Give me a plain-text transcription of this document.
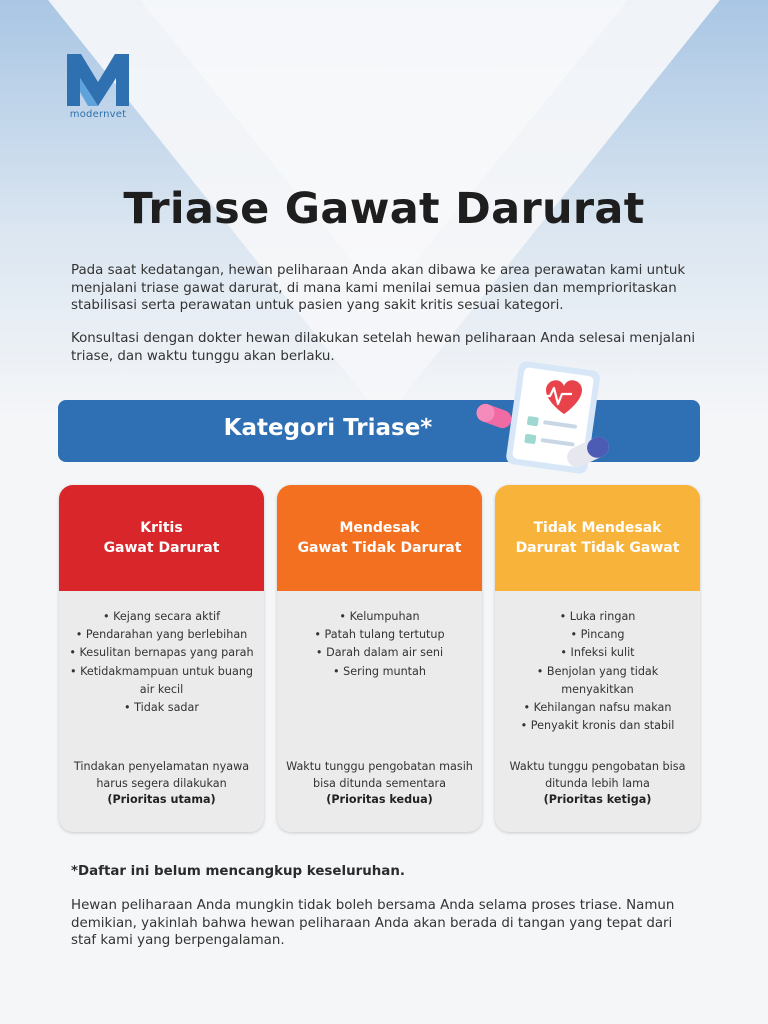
modernvet
Triase Gawat Darurat

Pada saat kedatangan, hewan peliharaan Anda akan dibawa ke area perawatan kami untuk menjalani triase gawat darurat, di mana kami menilai semua pasien dan memprioritaskan stabilisasi serta perawatan untuk pasien yang sakit kritis sesuai kategori.

Konsultasi dengan dokter hewan dilakukan setelah hewan peliharaan Anda selesai menjalani triase, dan waktu tunggu akan berlaku.

Kategori Triase*
Kritis
Gawat Darurat
• Kejang secara aktif
• Pendarahan yang berlebihan
• Kesulitan bernapas yang parah
• Ketidakmampuan untuk buang air kecil
• Tidak sadar
Tindakan penyelamatan nyawa harus segera dilakukan
(Prioritas utama)
Mendesak
Gawat Tidak Darurat
• Kelumpuhan
• Patah tulang tertutup
• Darah dalam air seni
• Sering muntah
Waktu tunggu pengobatan masih bisa ditunda sementara
(Prioritas kedua)
Tidak Mendesak
Darurat Tidak Gawat
• Luka ringan
• Pincang
• Infeksi kulit
• Benjolan yang tidak menyakitkan
• Kehilangan nafsu makan
• Penyakit kronis dan stabil
Waktu tunggu pengobatan bisa ditunda lebih lama
(Prioritas ketiga)

*Daftar ini belum mencangkup keseluruhan.

Hewan peliharaan Anda mungkin tidak boleh bersama Anda selama proses triase. Namun demikian, yakinlah bahwa hewan peliharaan Anda akan berada di tangan yang tepat dari staf kami yang berpengalaman.
